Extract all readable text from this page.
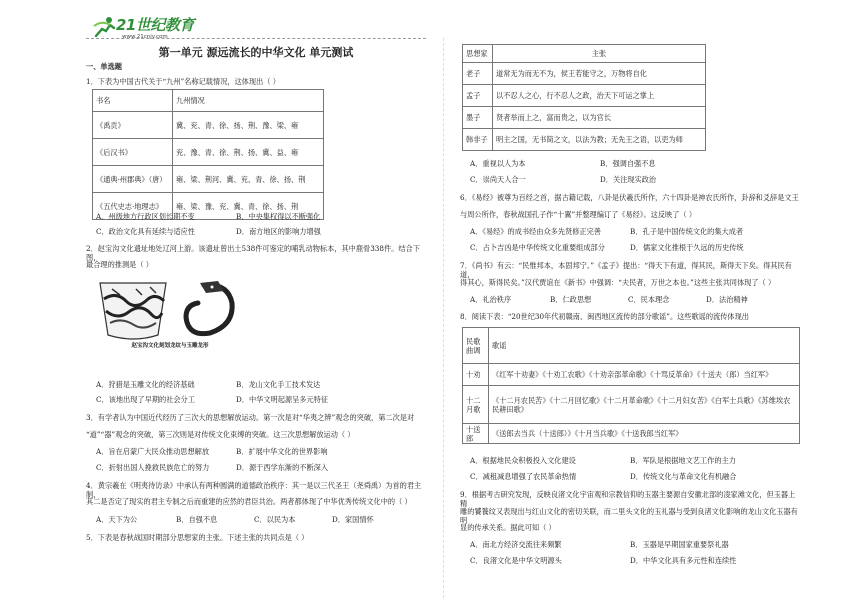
21世纪教育
www.21cnjy.com
第一单元 源远流长的中华文化 单元测试
一、单选题
1．下表为中国古代关于“九州”名称记载情况，这体现出（ ）
书名	九州情况
《禹贡》	冀、兖、青、徐、扬、荆、豫、梁、雍
《后汉书》	兖、豫、青、徐、荆、扬、冀、益、雍
《通典·州郡典》（唐）	雍、梁、荆河、冀、兖、青、徐、扬、荆
《五代史志·地理志》	雍、梁、豫、兖、冀、青、徐、扬、荆
A．州级地方行政区划长期不变	B．中央集权得以不断强化
C．政治文化具有延续与适应性	D．南方地区的影响力增强
2．赵宝沟文化遗址地处辽河上游。该遗址曾出土538件可鉴定的哺乳动物标本，其中鹿骨338件。结合下图，
最合理的推测是（ ）
赵宝沟文化刻划龙纹与玉雕龙形
A．狩猎是玉雕文化的经济基础	B．龙山文化手工技术发达
C．该地出现了早期的社会分工	D．中华文明起源呈多元特征
3．有学者认为中国近代经历了三次大的思想解放运动。第一次是对“华夷之辨”观念的突破，第二次是对
“道”“器”观念的突破，第三次则是对传统文化束缚的突破。这三次思想解放运动（ ）
A．旨在启蒙广大民众推动思想解放	B．扩展中华文化的世界影响
C．折射出国人挽救民族危亡的努力	D．源于西学东渐的不断深入
4．黄宗羲在《明夷待访录》中承认有两种圆满的道德政治秩序：其一是以三代圣王（尧舜禹）为首的君主制，
其二是否定了现实的君主专制之后而重建的应然的君臣共治。两者都体现了中华优秀传统文化中的（ ）
A．天下为公	B．自强不息	C．以民为本	D．家国情怀
5．下表是春秋战国时期部分思想家的主张。下述主张的共同点是（ ）
思想家	主张
老子	道常无为而无不为，侯王若能守之，万物将自化
孟子	以不忍人之心，行不忍人之政，治天下可运之掌上
墨子	贤者举而上之，富而贵之，以为官长
韩非子	明主之国，无书简之文，以法为教；无先王之语，以吏为师
A．重视以人为本	B．强调自强不息
C．崇尚天人合一	D．关注现实政治
6．《易经》被尊为百经之首，据古籍记载，八卦是伏羲氏所作，六十四卦是神农氏所作，卦辞和爻辞是文王
与周公所作，春秋战国孔子作“十翼”并整理编订了《易经》。这反映了（ ）
A．《易经》的成书经由众多先贤修正完善	B．孔子是中国传统文化的集大成者
C．占卜吉凶是中华传统文化重要组成部分	D．儒家文化推根于久远的历史传统
7．《尚书》有云：“民惟邦本，本固邦宁。”《孟子》提出：“得天下有道，得其民，斯得天下矣。得其民有道，
得其心，斯得民矣。”汉代贾谊在《新书》中强调：“夫民者，万世之本也。”这些主张共同体现了（ ）
A．礼治秩序	B．仁政思想	C．民本理念	D．法治精神
8．阅读下表：“20世纪30年代初赣南、闽西地区流传的部分歌谣”。这些歌谣的流传体现出
民歌曲调	歌谣
十劝	《红军十劝妻》《十劝工农歌》《十劝亲部革命歌》《十骂反革命》《十送夫（郎）当红军》
十二月歌	《十二月农民苦》《十二月回忆歌》《十二月革命歌》《十二月妇女苦》《白军士兵歌》《苏维埃农民耕田歌》
十送郎	《送郎去当兵（十送郎）》《十月当兵歌》《十送我郎当红军》
A．根据地民众积极投入文化建设	B．军队是根据地文艺工作的主力
C．减租减息增强了农民革命热情	D．传统文化与革命文化有机融合
9．根据考古研究发现，反映良渚文化宇宙观和宗教信仰的玉器主要源自安徽北部的凌家滩文化，但玉器上精
雕的饕餮纹又表现出与红山文化的密切关联，而二里头文化的玉礼器与受到良渚文化影响的龙山文化玉器有明
显的传承关系。据此可知（ ）
A．南北方经济交流往来频繁	B．玉器是早期国家重要祭礼器
C．良渚文化是中华文明源头	D．中华文化具有多元性和连续性
